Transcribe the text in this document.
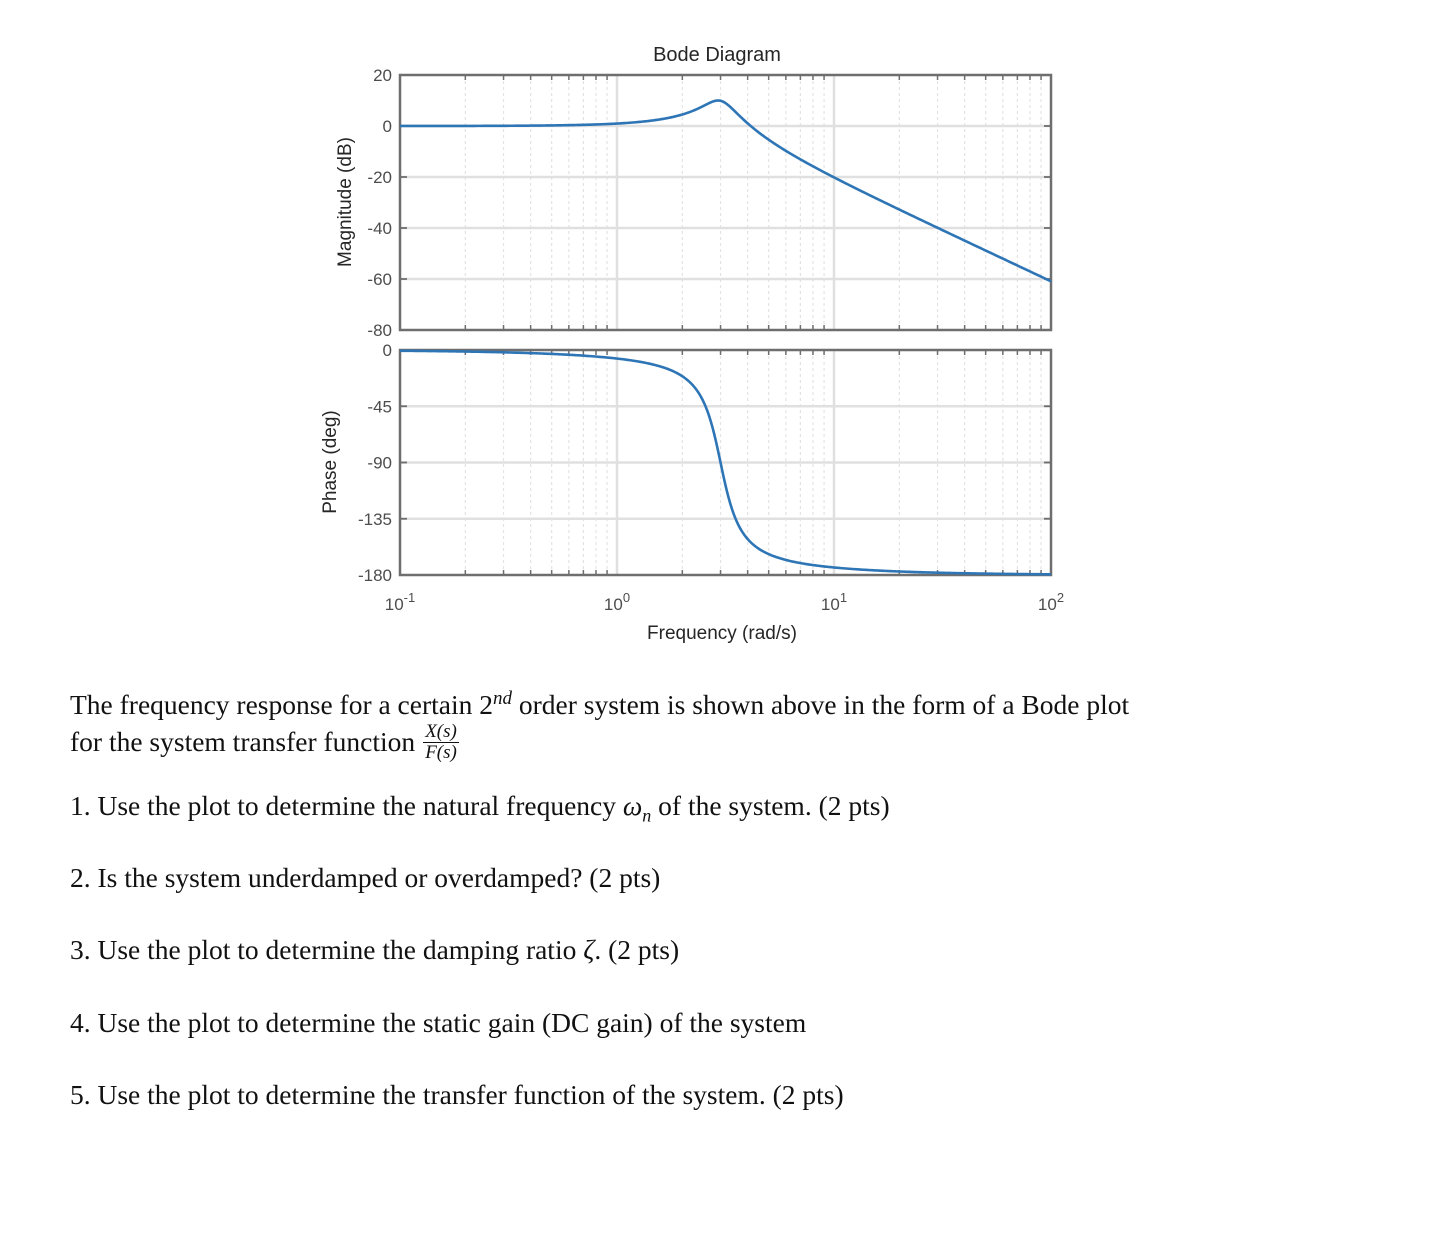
Bode Diagram
20
0
-20
-40
-60
-80
Magnitude (dB)
0
-45
-90
-135
-180
Phase (deg)
$10^{-1}$	$10^0$	$10^1$	$10^2$
Frequency (rad/s)

The frequency response for a certain 2nd order system is shown above in the form of a Bode plot
for the system transfer function $\frac{X(s)}{F(s)}$

1. Use the plot to determine the natural frequency $\omega_n$ of the system. (2 pts)

2. Is the system underdamped or overdamped? (2 pts)

3. Use the plot to determine the damping ratio ζ. (2 pts)

4. Use the plot to determine the static gain (DC gain) of the system

5. Use the plot to determine the transfer function of the system. (2 pts)
